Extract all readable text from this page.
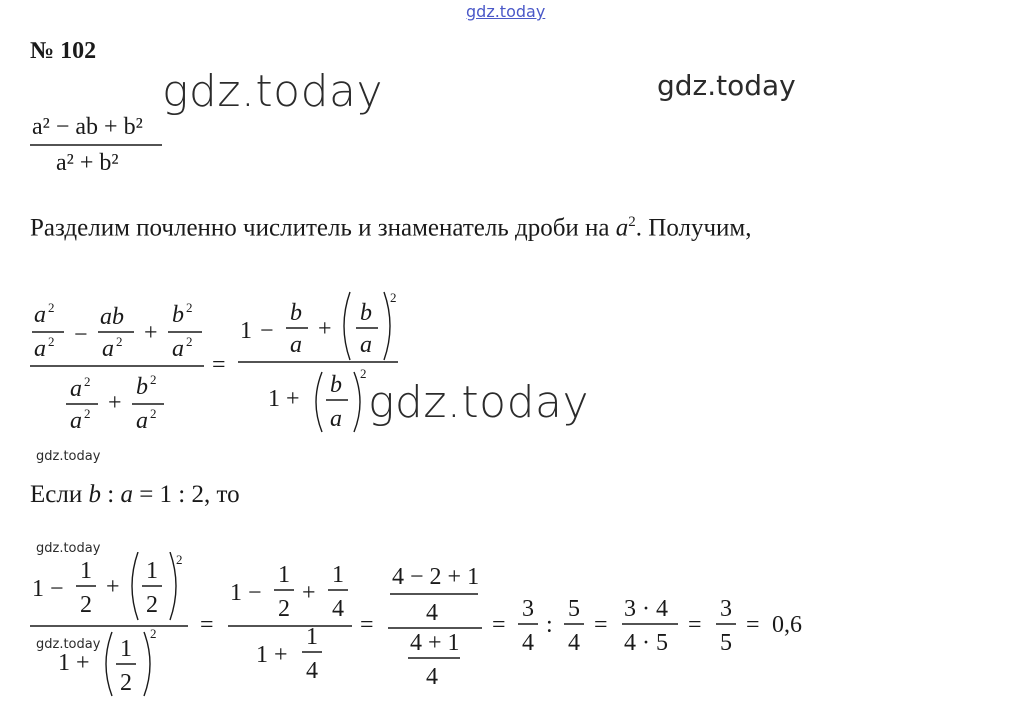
gdz.today
gdz.today	gdz.today
gdz.today
gdz.today
gdz.today
gdz.today
№ 102
a² − ab + b²
a² + b²
Разделим почленно числитель и знаменатель дроби на $a^2$. Получим,
a 2
a 2 −
ab
a 2 +
b 2
a 2
a 2
a 2 +
b 2
a 2
=
1 −
b
a
+
b
a
2
1 +
b
a
2
Если b : a = 1 : 2, то
1 −
1
2
+
1
2
2
1 +
1
2
2 =
1 −
1
2
+
1
4
1 +
1
4
=
4 − 2 + 1
4
4 + 1
4
=
3
4
:
5
4
=
3 · 4
4 · 5
=
3
5
= 0,6
